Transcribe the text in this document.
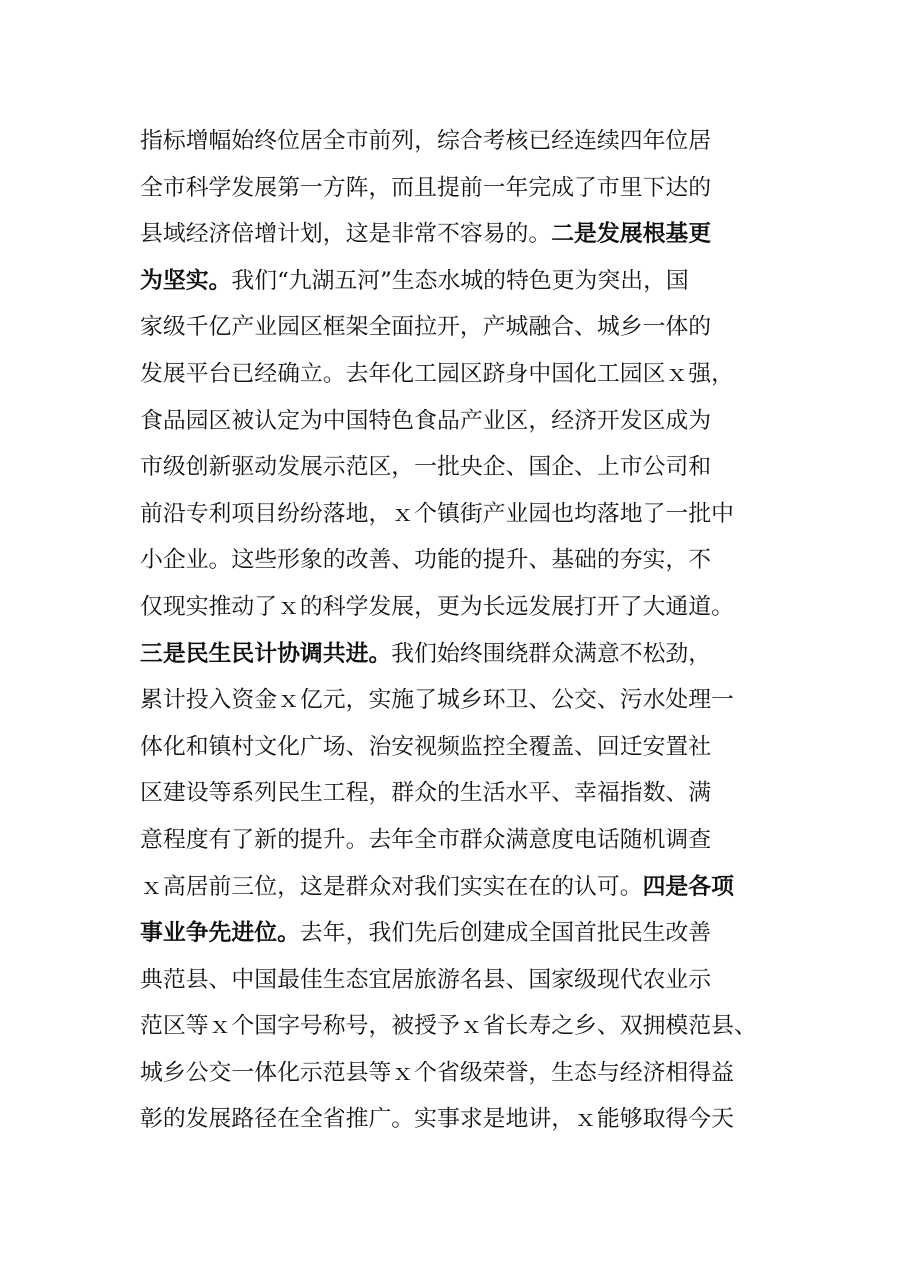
指标增幅始终位居全市前列，综合考核已经连续四年位居
全市科学发展第一方阵，而且提前一年完成了市里下达的
县域经济倍增计划，这是非常不容易的。二是发展根基更
为坚实。我们“九湖五河”生态水城的特色更为突出，国
家级千亿产业园区框架全面拉开，产城融合、城乡一体的
发展平台已经确立。去年化工园区跻身中国化工园区ｘ强，
食品园区被认定为中国特色食品产业区，经济开发区成为
市级创新驱动发展示范区，一批央企、国企、上市公司和
前沿专利项目纷纷落地，ｘ个镇街产业园也均落地了一批中
小企业。这些形象的改善、功能的提升、基础的夯实，不
仅现实推动了ｘ的科学发展，更为长远发展打开了大通道。
三是民生民计协调共进。我们始终围绕群众满意不松劲，
累计投入资金ｘ亿元，实施了城乡环卫、公交、污水处理一
体化和镇村文化广场、治安视频监控全覆盖、回迁安置社
区建设等系列民生工程，群众的生活水平、幸福指数、满
意程度有了新的提升。去年全市群众满意度电话随机调查
ｘ高居前三位，这是群众对我们实实在在的认可。四是各项
事业争先进位。去年，我们先后创建成全国首批民生改善
典范县、中国最佳生态宜居旅游名县、国家级现代农业示
范区等ｘ个国字号称号，被授予ｘ省长寿之乡、双拥模范县、
城乡公交一体化示范县等ｘ个省级荣誉，生态与经济相得益
彰的发展路径在全省推广。实事求是地讲，ｘ能够取得今天
